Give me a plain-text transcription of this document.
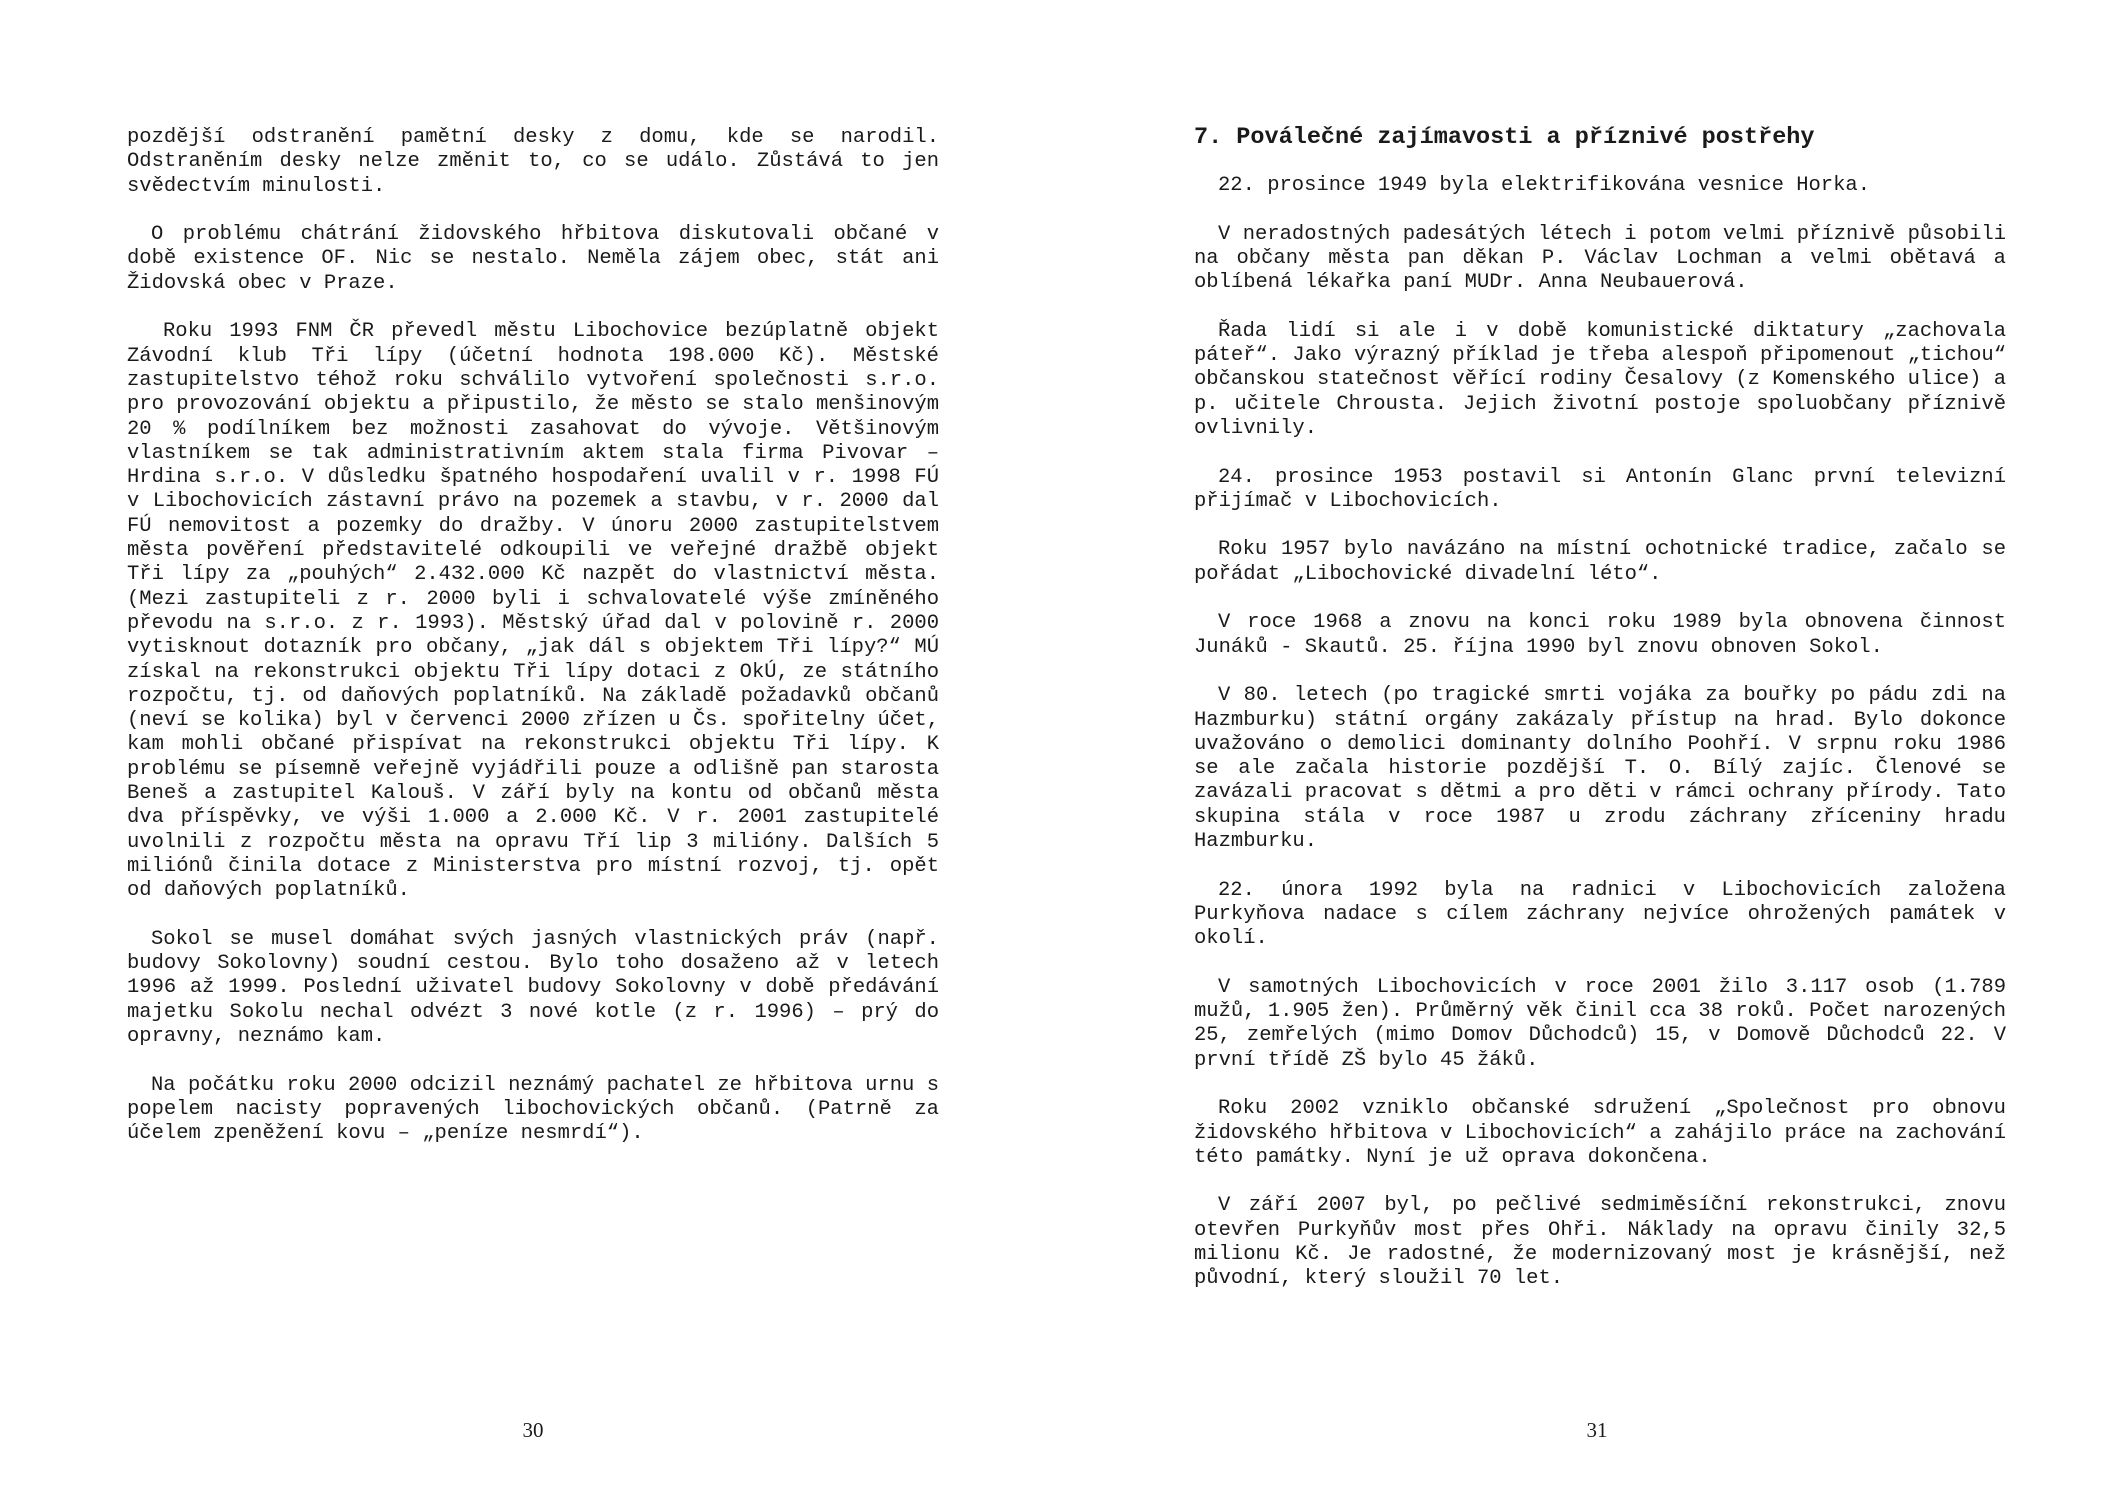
pozdější odstranění pamětní desky z domu, kde se narodil. Odstraněním desky nelze změnit to, co se událo. Zůstává to jen svědectvím minulosti.

O problému chátrání židovského hřbitova diskutovali občané v době existence OF. Nic se nestalo. Neměla zájem obec, stát ani Židovská obec v Praze.

Roku 1993 FNM ČR převedl městu Libochovice bezúplatně objekt Závodní klub Tři lípy (účetní hodnota 198.000 Kč). Městské zastupitelstvo téhož roku schválilo vytvoření společnosti s.r.o. pro provozování objektu a připustilo, že město se stalo menšinovým 20 % podílníkem bez možnosti zasahovat do vývoje. Většinovým vlastníkem se tak administrativním aktem stala firma Pivovar – Hrdina s.r.o. V důsledku špatného hospodaření uvalil v r. 1998 FÚ v Libochovicích zástavní právo na pozemek a stavbu, v r. 2000 dal FÚ nemovitost a pozemky do dražby. V únoru 2000 zastupitelstvem města pověření představitelé odkoupili ve veřejné dražbě objekt Tři lípy za „pouhých“ 2.432.000 Kč nazpět do vlastnictví města. (Mezi zastupiteli z r. 2000 byli i schvalovatelé výše zmíněného převodu na s.r.o. z r. 1993). Městský úřad dal v polovině r. 2000 vytisknout dotazník pro občany, „jak dál s objektem Tři lípy?“ MÚ získal na rekonstrukci objektu Tři lípy dotaci z OkÚ, ze státního rozpočtu, tj. od daňových poplatníků. Na základě požadavků občanů (neví se kolika) byl v červenci 2000 zřízen u Čs. spořitelny účet, kam mohli občané přispívat na rekonstrukci objektu Tři lípy. K problému se písemně veřejně vyjádřili pouze a odlišně pan starosta Beneš a zastupitel Kalouš. V září byly na kontu od občanů města dva příspěvky, ve výši 1.000 a 2.000 Kč. V r. 2001 zastupitelé uvolnili z rozpočtu města na opravu Tří lip 3 milióny. Dalších 5 miliónů činila dotace z Ministerstva pro místní rozvoj, tj. opět od daňových poplatníků.

Sokol se musel domáhat svých jasných vlastnických práv (např. budovy Sokolovny) soudní cestou. Bylo toho dosaženo až v letech 1996 až 1999. Poslední uživatel budovy Sokolovny v době předávání majetku Sokolu nechal odvézt 3 nové kotle (z r. 1996) – prý do opravny, neznámo kam.

Na počátku roku 2000 odcizil neznámý pachatel ze hřbitova urnu s popelem nacisty popravených libochovických občanů. (Patrně za účelem zpeněžení kovu – „peníze nesmrdí“).

30
7. Poválečné zajímavosti a příznivé postřehy

22. prosince 1949 byla elektrifikována vesnice Horka.

V neradostných padesátých létech i potom velmi příznivě působili na občany města pan děkan P. Václav Lochman a velmi obětavá a oblíbená lékařka paní MUDr. Anna Neubauerová.

Řada lidí si ale i v době komunistické diktatury „zachovala páteř“. Jako výrazný příklad je třeba alespoň připomenout „tichou“ občanskou statečnost věřící rodiny Česalovy (z Komenského ulice) a p. učitele Chrousta. Jejich životní postoje spoluobčany příznivě ovlivnily.

24. prosince 1953 postavil si Antonín Glanc první televizní přijímač v Libochovicích.

Roku 1957 bylo navázáno na místní ochotnické tradice, začalo se pořádat „Libochovické divadelní léto“.

V roce 1968 a znovu na konci roku 1989 byla obnovena činnost Junáků - Skautů. 25. října 1990 byl znovu obnoven Sokol.

V 80. letech (po tragické smrti vojáka za bouřky po pádu zdi na Hazmburku) státní orgány zakázaly přístup na hrad. Bylo dokonce uvažováno o demolici dominanty dolního Poohří. V srpnu roku 1986 se ale začala historie pozdější T. O. Bílý zajíc. Členové se zavázali pracovat s dětmi a pro děti v rámci ochrany přírody. Tato skupina stála v roce 1987 u zrodu záchrany zříceniny hradu Hazmburku.

22. února 1992 byla na radnici v Libochovicích založena Purkyňova nadace s cílem záchrany nejvíce ohrožených památek v okolí.

V samotných Libochovicích v roce 2001 žilo 3.117 osob (1.789 mužů, 1.905 žen). Průměrný věk činil cca 38 roků. Počet narozených 25, zemřelých (mimo Domov Důchodců) 15, v Domově Důchodců 22. V první třídě ZŠ bylo 45 žáků.

Roku 2002 vzniklo občanské sdružení „Společnost pro obnovu židovského hřbitova v Libochovicích“ a zahájilo práce na zachování této památky. Nyní je už oprava dokončena.

V září 2007 byl, po pečlivé sedmiměsíční rekonstrukci, znovu otevřen Purkyňův most přes Ohři. Náklady na opravu činily 32,5 milionu Kč. Je radostné, že modernizovaný most je krásnější, než původní, který sloužil 70 let.

31
